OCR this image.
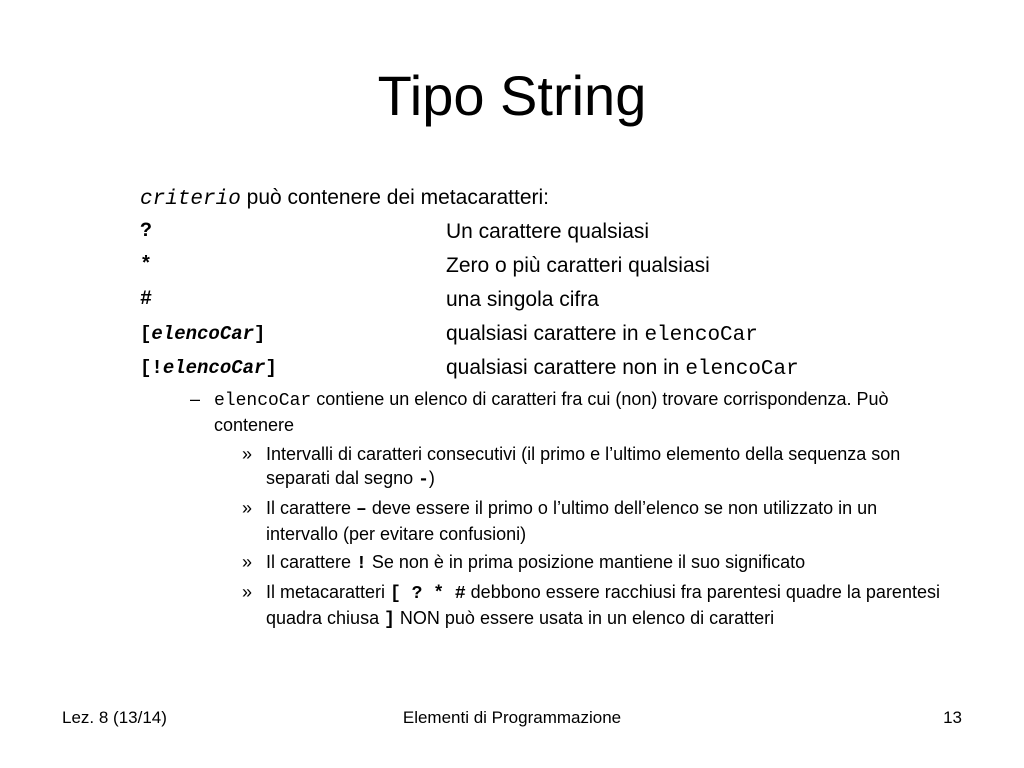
Tipo String
criterio può contenere dei metacaratteri:
?	Un carattere qualsiasi
*	Zero o più caratteri qualsiasi
#	una singola cifra
[elencoCar]	qualsiasi carattere in elencoCar
[!elencoCar]	qualsiasi carattere non in elencoCar
– elencoCar contiene un elenco di caratteri fra cui (non) trovare corrispondenza. Può contenere
» Intervalli di caratteri consecutivi (il primo e l’ultimo elemento della sequenza son separati dal segno -)
» Il carattere – deve essere il primo o l’ultimo dell’elenco se non utilizzato in un intervallo (per evitare confusioni)
» Il carattere ! Se non è in prima posizione mantiene il suo significato
» Il metacaratteri [ ? * # debbono essere racchiusi fra parentesi quadre la parentesi quadra chiusa ] NON può essere usata in un elenco di caratteri
Lez. 8 (13/14)	Elementi di Programmazione	13
